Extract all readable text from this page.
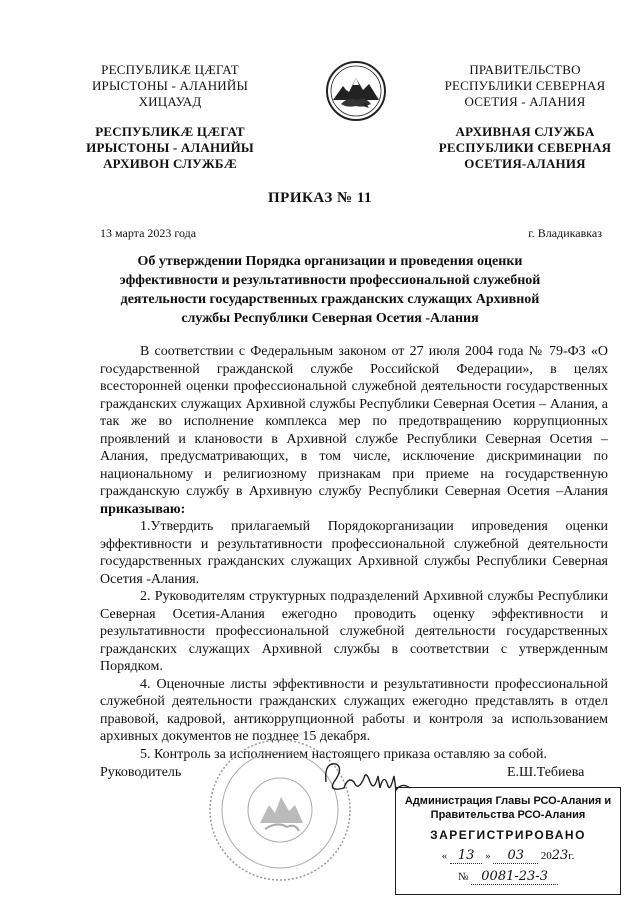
РЕСПУБЛИКÆ ЦÆГАТ
ИРЫСТОНЫ - АЛАНИЙЫ
ХИЦАУАД
РЕСПУБЛИКÆ ЦÆГАТ
ИРЫСТОНЫ - АЛАНИЙЫ
АРХИВОН СЛУЖБÆ
ПРАВИТЕЛЬСТВО
РЕСПУБЛИКИ СЕВЕРНАЯ
ОСЕТИЯ - АЛАНИЯ
АРХИВНАЯ СЛУЖБА
РЕСПУБЛИКИ СЕВЕРНАЯ
ОСЕТИЯ-АЛАНИЯ
ПРИКАЗ № 11
13 марта 2023 года	г. Владикавказ
Об утверждении Порядка организации и проведения оценки эффективности и результативности профессиональной служебной деятельности государственных гражданских служащих Архивной службы Республики Северная Осетия -Алания

В соответствии с Федеральным законом от 27 июля 2004 года № 79-ФЗ «О государственной гражданской службе Российской Федерации», в целях всесторонней оценки профессиональной служебной деятельности государственных гражданских служащих Архивной службы Республики Северная Осетия – Алания, а так же во исполнение комплекса мер по предотвращению коррупционных проявлений и клановости в Архивной службе Республики Северная Осетия –Алания, предусматривающих, в том числе, исключение дискриминации по национальному и религиозному признакам при приеме на государственную гражданскую службу в Архивную службу Республики Северная Осетия –Алания приказываю:

1.Утвердить прилагаемый Порядокорганизации ипроведения оценки эффективности и результативности профессиональной служебной деятельности государственных гражданских служащих Архивной службы Республики Северная Осетия -Алания.

2. Руководителям структурных подразделений Архивной службы Республики Северная Осетия-Алания ежегодно проводить оценку эффективности и результативности профессиональной служебной деятельности государственных гражданских служащих Архивной службы в соответствии с утвержденным Порядком.

4. Оценочные листы эффективности и результативности профессиональной служебной деятельности гражданских служащих ежегодно представлять в отдел правовой, кадровой, антикоррупционной работы и контроля за использованием архивных документов не позднее 15 декабря.

5. Контроль за исполнением настоящего приказа оставляю за собой.

Руководитель	Е.Ш.Тебиева
Администрация Главы РСО-Алания и
Правительства РСО-Алания
ЗАРЕГИСТРИРОВАНО
« 13 » 03 2023г.
№ 0081-23-3
